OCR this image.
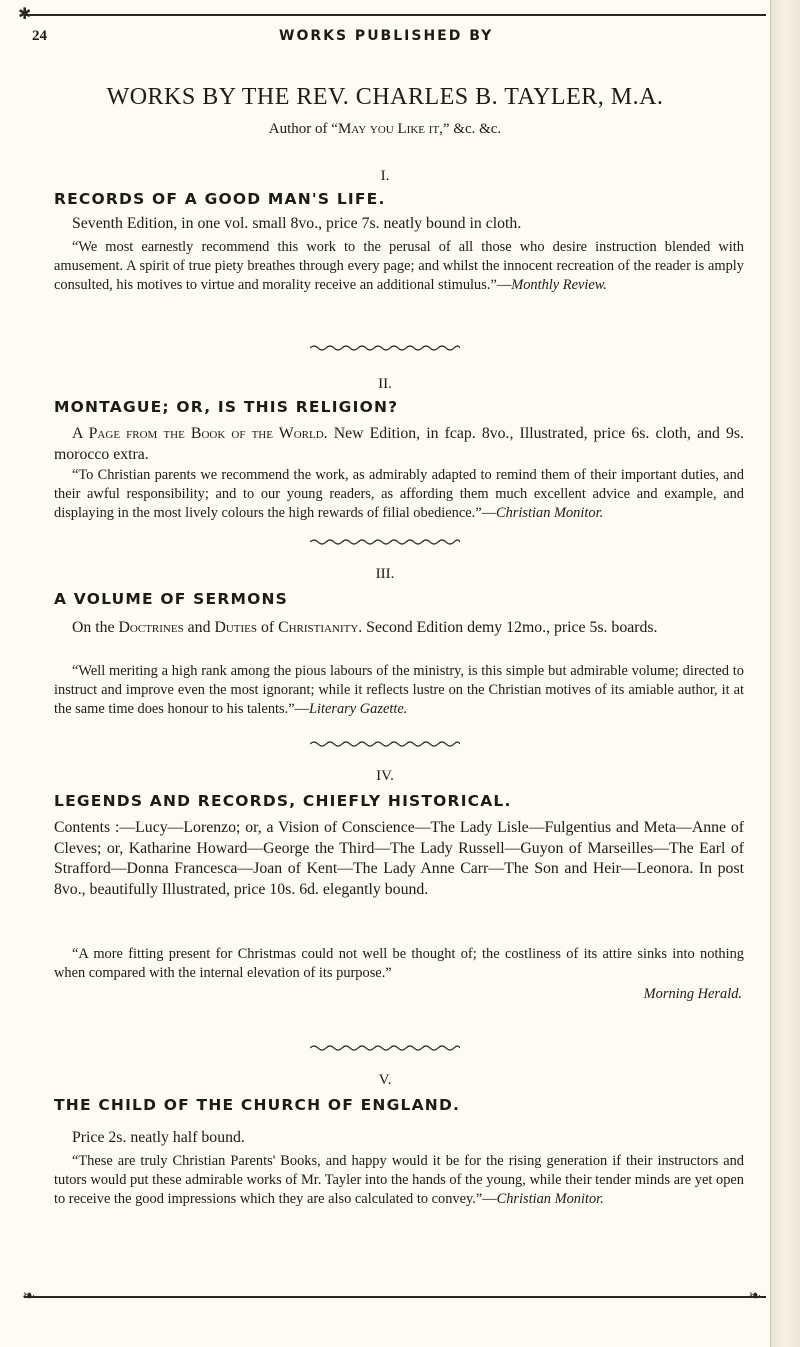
24	WORKS PUBLISHED BY
WORKS BY THE REV. CHARLES B. TAYLER, M.A.
Author of “May you Like it,” &c. &c.
I.
RECORDS OF A GOOD MAN'S LIFE.

Seventh Edition, in one vol. small 8vo., price 7s. neatly bound in cloth.

“We most earnestly recommend this work to the perusal of all those who desire instruction blended with amusement. A spirit of true piety breathes through every page; and whilst the innocent recreation of the reader is amply consulted, his motives to virtue and morality receive an additional stimulus.”—Monthly Review.

II.
MONTAGUE; OR, IS THIS RELIGION?

A Page from the Book of the World. New Edition, in fcap. 8vo., Illustrated, price 6s. cloth, and 9s. morocco extra.

“To Christian parents we recommend the work, as admirably adapted to remind them of their important duties, and their awful responsibility; and to our young readers, as affording them much excellent advice and example, and displaying in the most lively colours the high rewards of filial obedience.”—Christian Monitor.

III.
A VOLUME OF SERMONS

On the Doctrines and Duties of Christianity. Second Edition demy 12mo., price 5s. boards.

“Well meriting a high rank among the pious labours of the ministry, is this simple but admirable volume; directed to instruct and improve even the most ignorant; while it reflects lustre on the Christian motives of its amiable author, it at the same time does honour to his talents.”—Literary Gazette.

IV.
LEGENDS AND RECORDS, CHIEFLY HISTORICAL.

Contents :—Lucy—Lorenzo; or, a Vision of Conscience—The Lady Lisle—Fulgentius and Meta—Anne of Cleves; or, Katharine Howard—George the Third—The Lady Russell—Guyon of Marseilles—The Earl of Strafford—Donna Francesca—Joan of Kent—The Lady Anne Carr—The Son and Heir—Leonora. In post 8vo., beautifully Illustrated, price 10s. 6d. elegantly bound.

“A more fitting present for Christmas could not well be thought of; the costliness of its attire sinks into nothing when compared with the internal elevation of its purpose.”

Morning Herald.
V.
THE CHILD OF THE CHURCH OF ENGLAND.

Price 2s. neatly half bound.

“These are truly Christian Parents' Books, and happy would it be for the rising generation if their instructors and tutors would put these admirable works of Mr. Tayler into the hands of the young, while their tender minds are yet open to receive the good impressions which they are also calculated to convey.”—Christian Monitor.

❧	❧
✱
